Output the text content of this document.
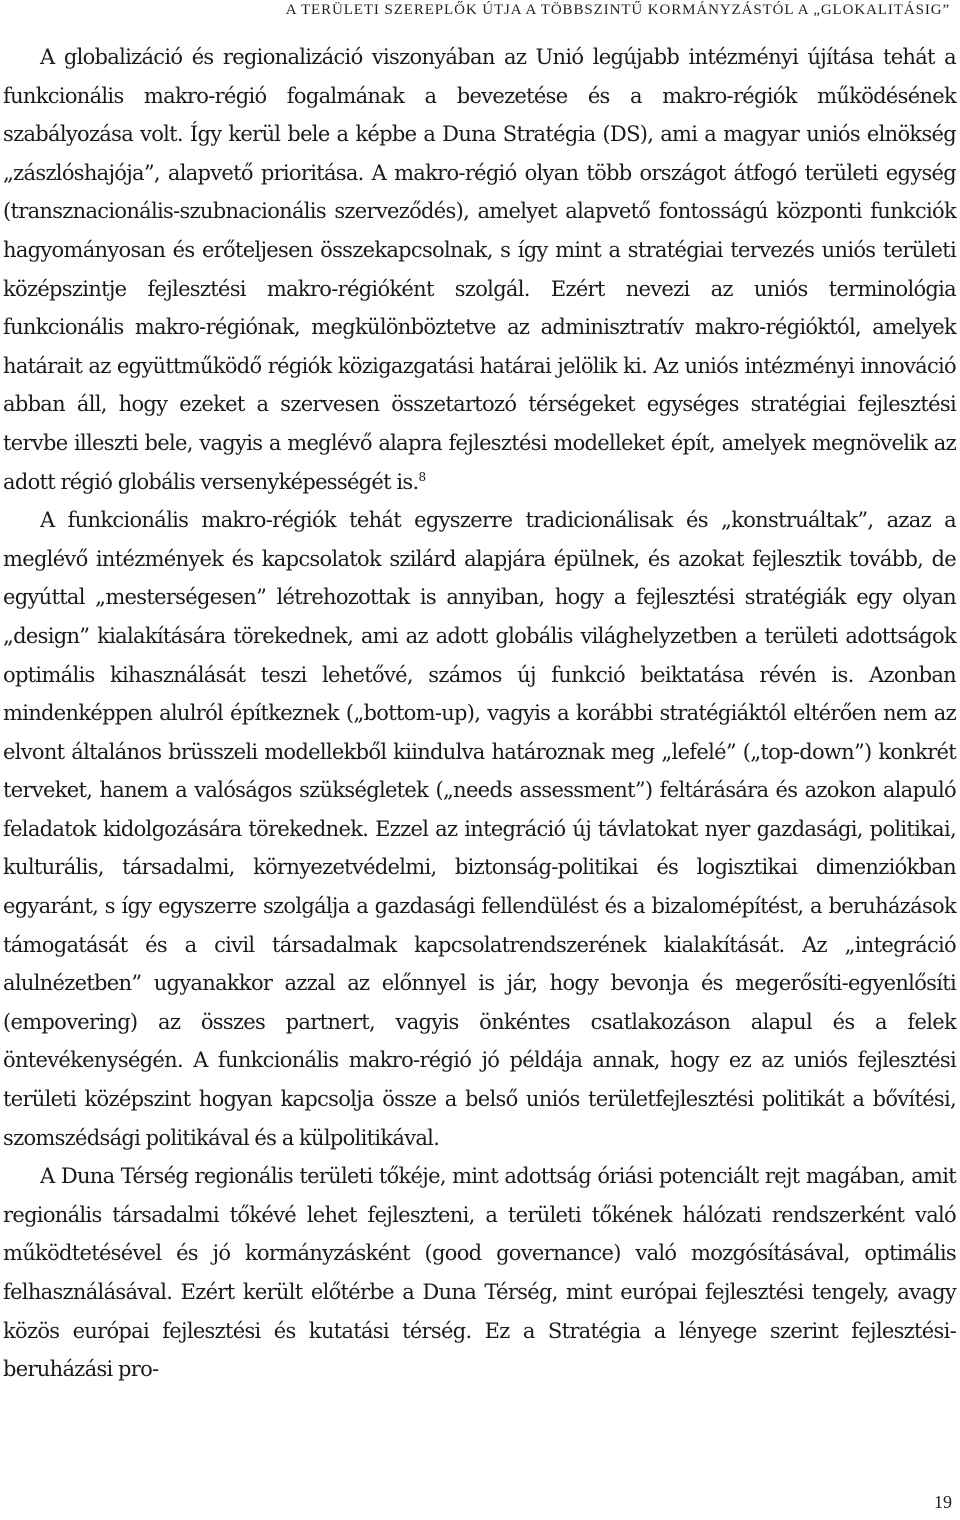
A TERÜLETI SZEREPLŐK ÚTJA A TÖBBSZINTŰ KORMÁNYZÁSTÓL A „GLOKALITÁSIG”

A globalizáció és regionalizáció viszonyában az Unió legújabb intézményi újítása tehát a funkcionális makro-régió fogalmának a bevezetése és a makro-régiók működésének szabályozása volt. Így kerül bele a képbe a Duna Stratégia (DS), ami a magyar uniós elnökség „zászlóshajója”, alapvető prioritása. A makro-régió olyan több országot átfogó területi egység (transznacionális-szubnacionális szerveződés), amelyet alapvető fontosságú központi funkciók hagyományosan és erőteljesen összekapcsolnak, s így mint a stratégiai tervezés uniós területi középszintje fejlesztési makro-régióként szolgál. Ezért nevezi az uniós terminológia funkcionális makro-régiónak, megkülönböztetve az adminisztratív makro-régióktól, amelyek határait az együttműködő régiók közigazgatási határai jelölik ki. Az uniós intézményi innováció abban áll, hogy ezeket a szervesen összetartozó térségeket egységes stratégiai fejlesztési tervbe illeszti bele, vagyis a meglévő alapra fejlesztési modelleket épít, amelyek megnövelik az adott régió globális versenyképességét is.$^8$

A funkcionális makro-régiók tehát egyszerre tradicionálisak és „konstruáltak”, azaz a meglévő intézmények és kapcsolatok szilárd alapjára épülnek, és azokat fejlesztik tovább, de egyúttal „mesterségesen” létrehozottak is annyiban, hogy a fejlesztési stratégiák egy olyan „design” kialakítására törekednek, ami az adott globális világhelyzetben a területi adottságok optimális kihasználását teszi lehetővé, számos új funkció beiktatása révén is. Azonban mindenképpen alulról építkeznek („bottom-up), vagyis a korábbi stratégiáktól eltérően nem az elvont általános brüsszeli modellekből kiindulva határoznak meg „lefelé” („top-down”) konkrét terveket, hanem a valóságos szükségletek („needs assessment”) feltárására és azokon alapuló feladatok kidolgozására törekednek. Ezzel az integráció új távlatokat nyer gazdasági, politikai, kulturális, társadalmi, környezetvédelmi, biztonság-politikai és logisztikai dimenziókban egyaránt, s így egyszerre szolgálja a gazdasági fellendülést és a bizalomépítést, a beruházások támogatását és a civil társadalmak kapcsolatrendszerének kialakítását. Az „integráció alulnézetben” ugyanakkor azzal az előnnyel is jár, hogy bevonja és megerősíti-egyenlősíti (empovering) az összes partnert, vagyis önkéntes csatlakozáson alapul és a felek öntevékenységén. A funkcionális makro-régió jó példája annak, hogy ez az uniós fejlesztési területi középszint hogyan kapcsolja össze a belső uniós területfejlesztési politikát a bővítési, szomszédsági politikával és a külpolitikával.

A Duna Térség regionális területi tőkéje, mint adottság óriási potenciált rejt magában, amit regionális társadalmi tőkévé lehet fejleszteni, a területi tőkének hálózati rendszerként való működtetésével és jó kormányzásként (good governance) való mozgósításával, optimális felhasználásával. Ezért került előtérbe a Duna Térség, mint európai fejlesztési tengely, avagy közös európai fejlesztési és kutatási térség. Ez a Stratégia a lényege szerint fejlesztési-beruházási pro-

19
